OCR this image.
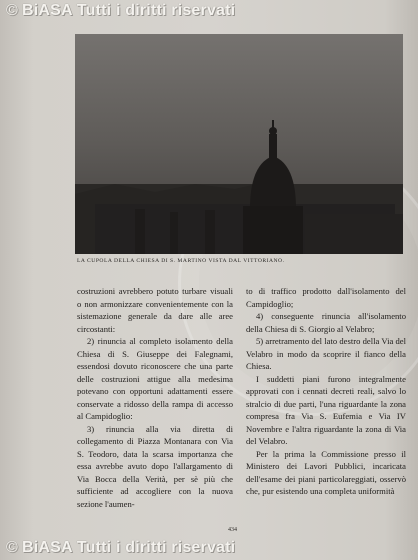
© BiASA Tutti i diritti riservati
LA CUPOLA DELLA CHIESA DI S. MARTINO VISTA DAL VITTORIANO.

costruzioni avrebbero potuto turbare visuali o non armonizzare convenientemente con la sistemazione generale da dare alle aree circostanti:

2) rinuncia al completo isolamento della Chiesa di S. Giuseppe dei Falegnami, essendosi dovuto riconoscere che una parte delle costruzioni attigue alla medesima potevano con opportuni adattamenti essere conservate a ridosso della rampa di accesso al Campidoglio:

3) rinuncia alla via diretta di collegamento di Piazza Montanara con Via S. Teodoro, data la scarsa importanza che essa avrebbe avuto dopo l'allargamento di Via Bocca della Verità, per sè più che sufficiente ad accogliere con la nuova sezione l'aumen-

to di traffico prodotto dall'isolamento del Campidoglio;

4) conseguente rinuncia all'isolamento della Chiesa di S. Giorgio al Velabro;

5) arretramento del lato destro della Via del Velabro in modo da scoprire il fianco della Chiesa.

I suddetti piani furono integralmente approvati con i cennati decreti reali, salvo lo stralcio di due parti, l'una riguardante la zona compresa fra Via S. Eufemia e Via IV Novembre e l'altra riguardante la zona di Via del Velabro.

Per la prima la Commissione presso il Ministero dei Lavori Pubblici, incaricata dell'esame dei piani particolareggiati, osservò che, pur esistendo una completa uniformità

434
© BiASA Tutti i diritti riservati
